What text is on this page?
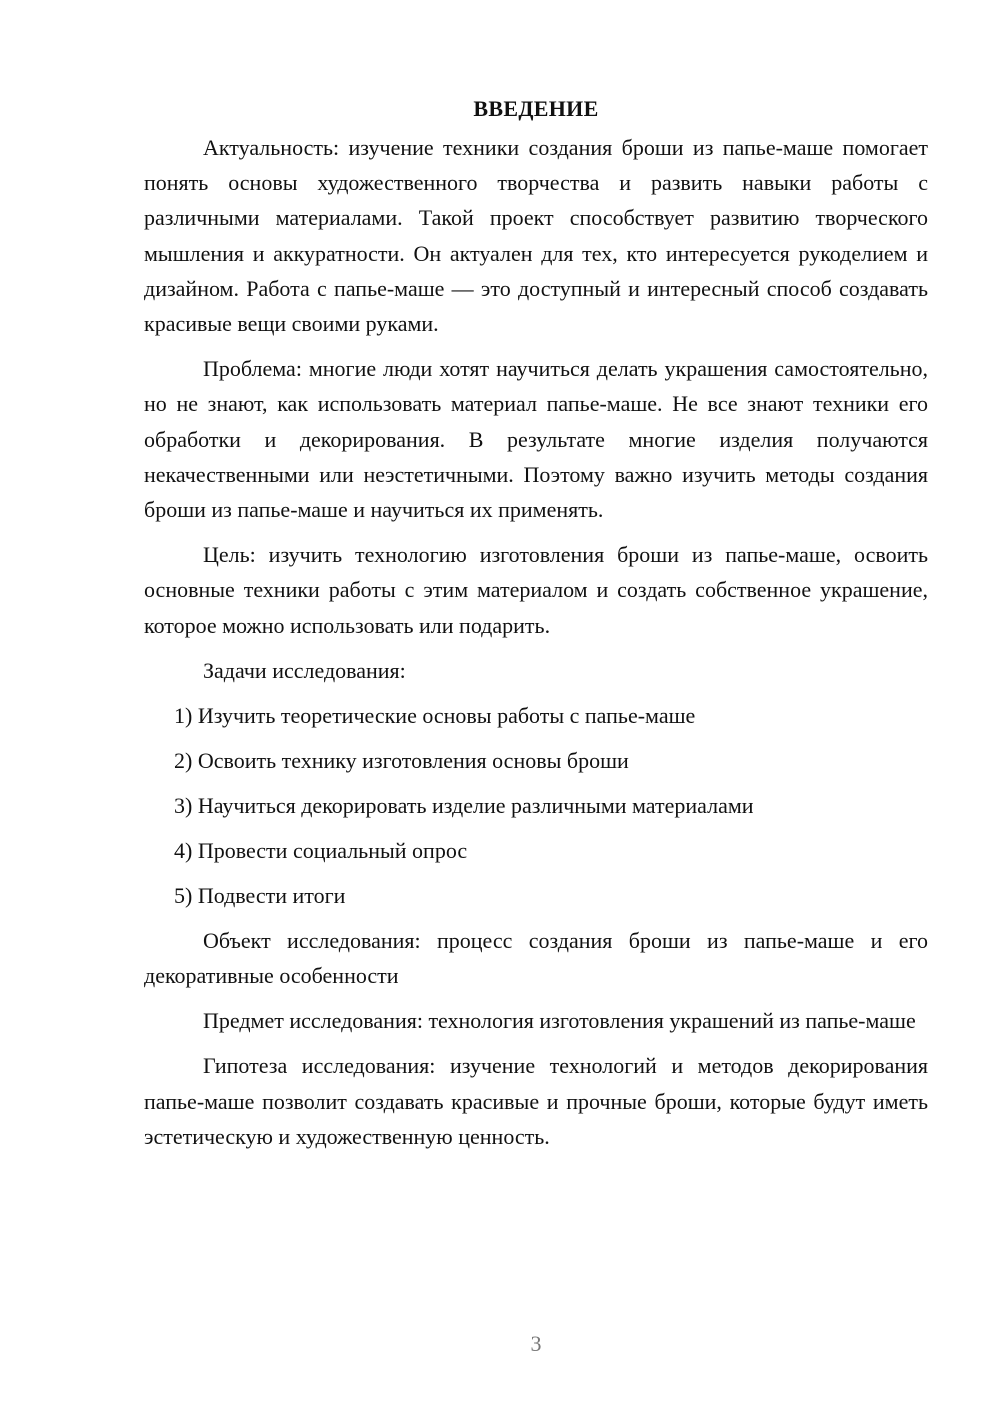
ВВЕДЕНИЕ

Актуальность: изучение техники создания броши из папье-маше помогает понять основы художественного творчества и развить навыки работы с различными материалами. Такой проект способствует развитию творческого мышления и аккуратности. Он актуален для тех, кто интересуется рукоделием и дизайном. Работа с папье-маше — это доступный и интересный способ создавать красивые вещи своими руками.

Проблема: многие люди хотят научиться делать украшения самостоятельно, но не знают, как использовать материал папье-маше. Не все знают техники его обработки и декорирования. В результате многие изделия получаются некачественными или неэстетичными. Поэтому важно изучить методы создания броши из папье-маше и научиться их применять.

Цель: изучить технологию изготовления броши из папье-маше, освоить основные техники работы с этим материалом и создать собственное украшение, которое можно использовать или подарить.

Задачи исследования:
1) Изучить теоретические основы работы с папье-маше
2) Освоить технику изготовления основы броши
3) Научиться декорировать изделие различными материалами
4) Провести социальный опрос
5) Подвести итоги

Объект исследования: процесс создания броши из папье-маше и его декоративные особенности

Предмет исследования: технология изготовления украшений из папье-маше

Гипотеза исследования: изучение технологий и методов декорирования папье-маше позволит создавать красивые и прочные броши, которые будут иметь эстетическую и художественную ценность.

3
